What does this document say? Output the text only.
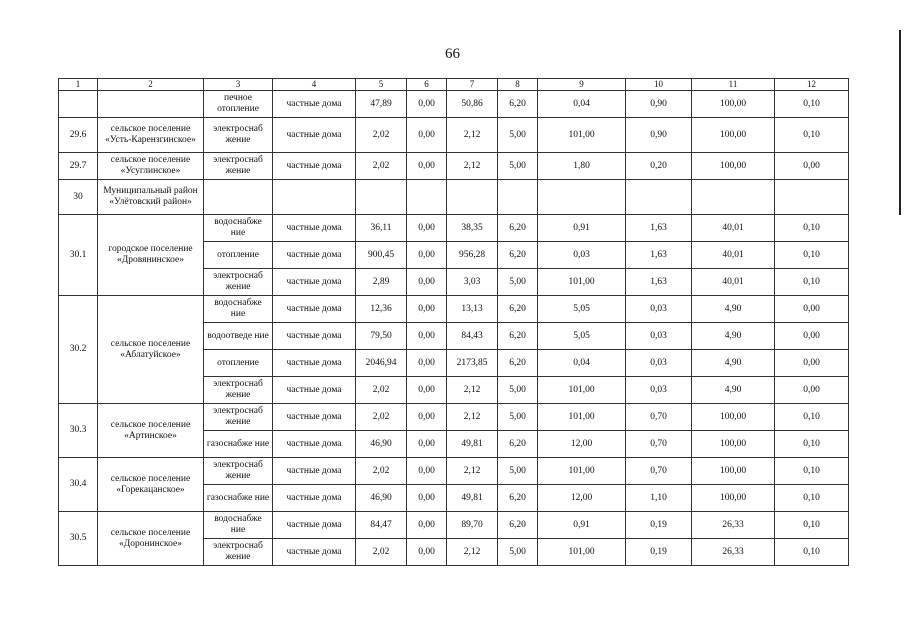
66
1	2	3	4	5	6	7	8	9	10	11	12
		печное отопление	частные дома	47,89	0,00	50,86	6,20	0,04	0,90	100,00	0,10
29.6	сельское поселение «Усть-Карензгинское»	электроснаб жение	частные дома	2,02	0,00	2,12	5,00	101,00	0,90	100,00	0,10
29.7	сельское поселение «Усуглинское»	электроснаб жение	частные дома	2,02	0,00	2,12	5,00	1,80	0,20	100,00	0,00
30	Муниципальный район «Улётовский район»										
30.1	городское поселение «Дровянинское»	водоснабже ние	частные дома	36,11	0,00	38,35	6,20	0,91	1,63	40,01	0,10
		отопление	частные дома	900,45	0,00	956,28	6,20	0,03	1,63	40,01	0,10
		электроснаб жение	частные дома	2,89	0,00	3,03	5,00	101,00	1,63	40,01	0,10
30.2	сельское поселение «Аблатуйское»	водоснабже ние	частные дома	12,36	0,00	13,13	6,20	5,05	0,03	4,90	0,00
		водоотведе ние	частные дома	79,50	0,00	84,43	6,20	5,05	0,03	4,90	0,00
		отопление	частные дома	2046,94	0,00	2173,85	6,20	0,04	0,03	4,90	0,00
		электроснаб жение	частные дома	2,02	0,00	2,12	5,00	101,00	0,03	4,90	0,00
30.3	сельское поселение «Артинское»	электроснаб жение	частные дома	2,02	0,00	2,12	5,00	101,00	0,70	100,00	0,10
		газоснабже ние	частные дома	46,90	0,00	49,81	6,20	12,00	0,70	100,00	0,10
30.4	сельское поселение «Горекацанское»	электроснаб жение	частные дома	2,02	0,00	2,12	5,00	101,00	0,70	100,00	0,10
		газоснабже ние	частные дома	46,90	0,00	49,81	6,20	12,00	1,10	100,00	0,10
30.5	сельское поселение «Доронинское»	водоснабже ние	частные дома	84,47	0,00	89,70	6,20	0,91	0,19	26,33	0,10
		электроснаб жение	частные дома	2,02	0,00	2,12	5,00	101,00	0,19	26,33	0,10
